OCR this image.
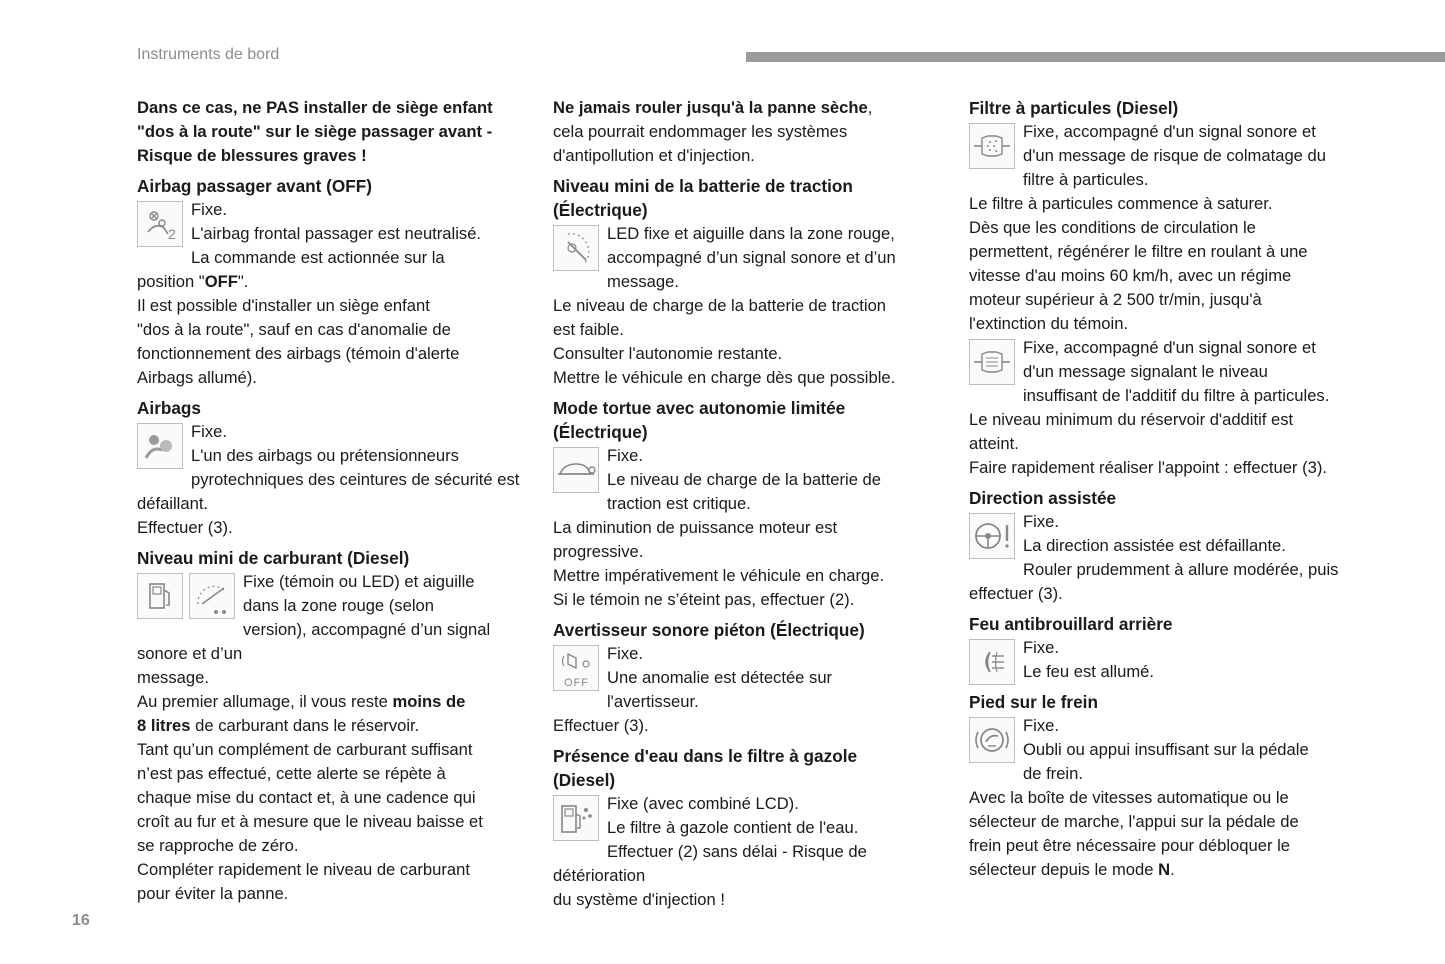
Instruments de bord
16

Dans ce cas, ne PAS installer de siège enfant

"dos à la route" sur le siège passager avant -

Risque de blessures graves !

Airbag passager avant (OFF)
2

Fixe.

L'airbag frontal passager est neutralisé.

La commande est actionnée sur la

position "OFF".

Il est possible d'installer un siège enfant

"dos à la route", sauf en cas d'anomalie de

fonctionnement des airbags (témoin d'alerte

Airbags allumé).

Airbags

Fixe.

L'un des airbags ou prétensionneurs

pyrotechniques des ceintures de sécurité est

défaillant.

Effectuer (3).

Niveau mini de carburant (Diesel)

Fixe (témoin ou LED) et aiguille

dans la zone rouge (selon

version), accompagné d’un signal sonore et d’un

message.

Au premier allumage, il vous reste moins de

8 litres de carburant dans le réservoir.

Tant qu’un complément de carburant suffisant

n’est pas effectué, cette alerte se répète à

chaque mise du contact et, à une cadence qui

croît au fur et à mesure que le niveau baisse et

se rapproche de zéro.

Compléter rapidement le niveau de carburant

pour éviter la panne.

Ne jamais rouler jusqu'à la panne sèche,

cela pourrait endommager les systèmes

d'antipollution et d'injection.

Niveau mini de la batterie de traction
(Électrique)

LED fixe et aiguille dans la zone rouge,

accompagné d’un signal sonore et d’un

message.

Le niveau de charge de la batterie de traction

est faible.

Consulter l'autonomie restante.

Mettre le véhicule en charge dès que possible.

Mode tortue avec autonomie limitée
(Électrique)

Fixe.

Le niveau de charge de la batterie de

traction est critique.

La diminution de puissance moteur est

progressive.

Mettre impérativement le véhicule en charge.

Si le témoin ne s’éteint pas, effectuer (2).

Avertisseur sonore piéton (Électrique)
OFF

Fixe.

Une anomalie est détectée sur

l'avertisseur.

Effectuer (3).

Présence d'eau dans le filtre à gazole
(Diesel)

Fixe (avec combiné LCD).

Le filtre à gazole contient de l'eau.

Effectuer (2) sans délai - Risque de détérioration

du système d'injection !

Filtre à particules (Diesel)

Fixe, accompagné d'un signal sonore et

d'un message de risque de colmatage du

filtre à particules.

Le filtre à particules commence à saturer.

Dès que les conditions de circulation le

permettent, régénérer le filtre en roulant à une

vitesse d'au moins 60 km/h, avec un régime

moteur supérieur à 2 500 tr/min, jusqu'à

l'extinction du témoin.

Fixe, accompagné d'un signal sonore et

d'un message signalant le niveau

insuffisant de l'additif du filtre à particules.

Le niveau minimum du réservoir d'additif est

atteint.

Faire rapidement réaliser l'appoint : effectuer (3).

Direction assistée

Fixe.

La direction assistée est défaillante.

Rouler prudemment à allure modérée, puis

effectuer (3).

Feu antibrouillard arrière

Fixe.

Le feu est allumé.

Pied sur le frein

Fixe.

Oubli ou appui insuffisant sur la pédale

de frein.

Avec la boîte de vitesses automatique ou le

sélecteur de marche, l'appui sur la pédale de

frein peut être nécessaire pour débloquer le

sélecteur depuis le mode N.
